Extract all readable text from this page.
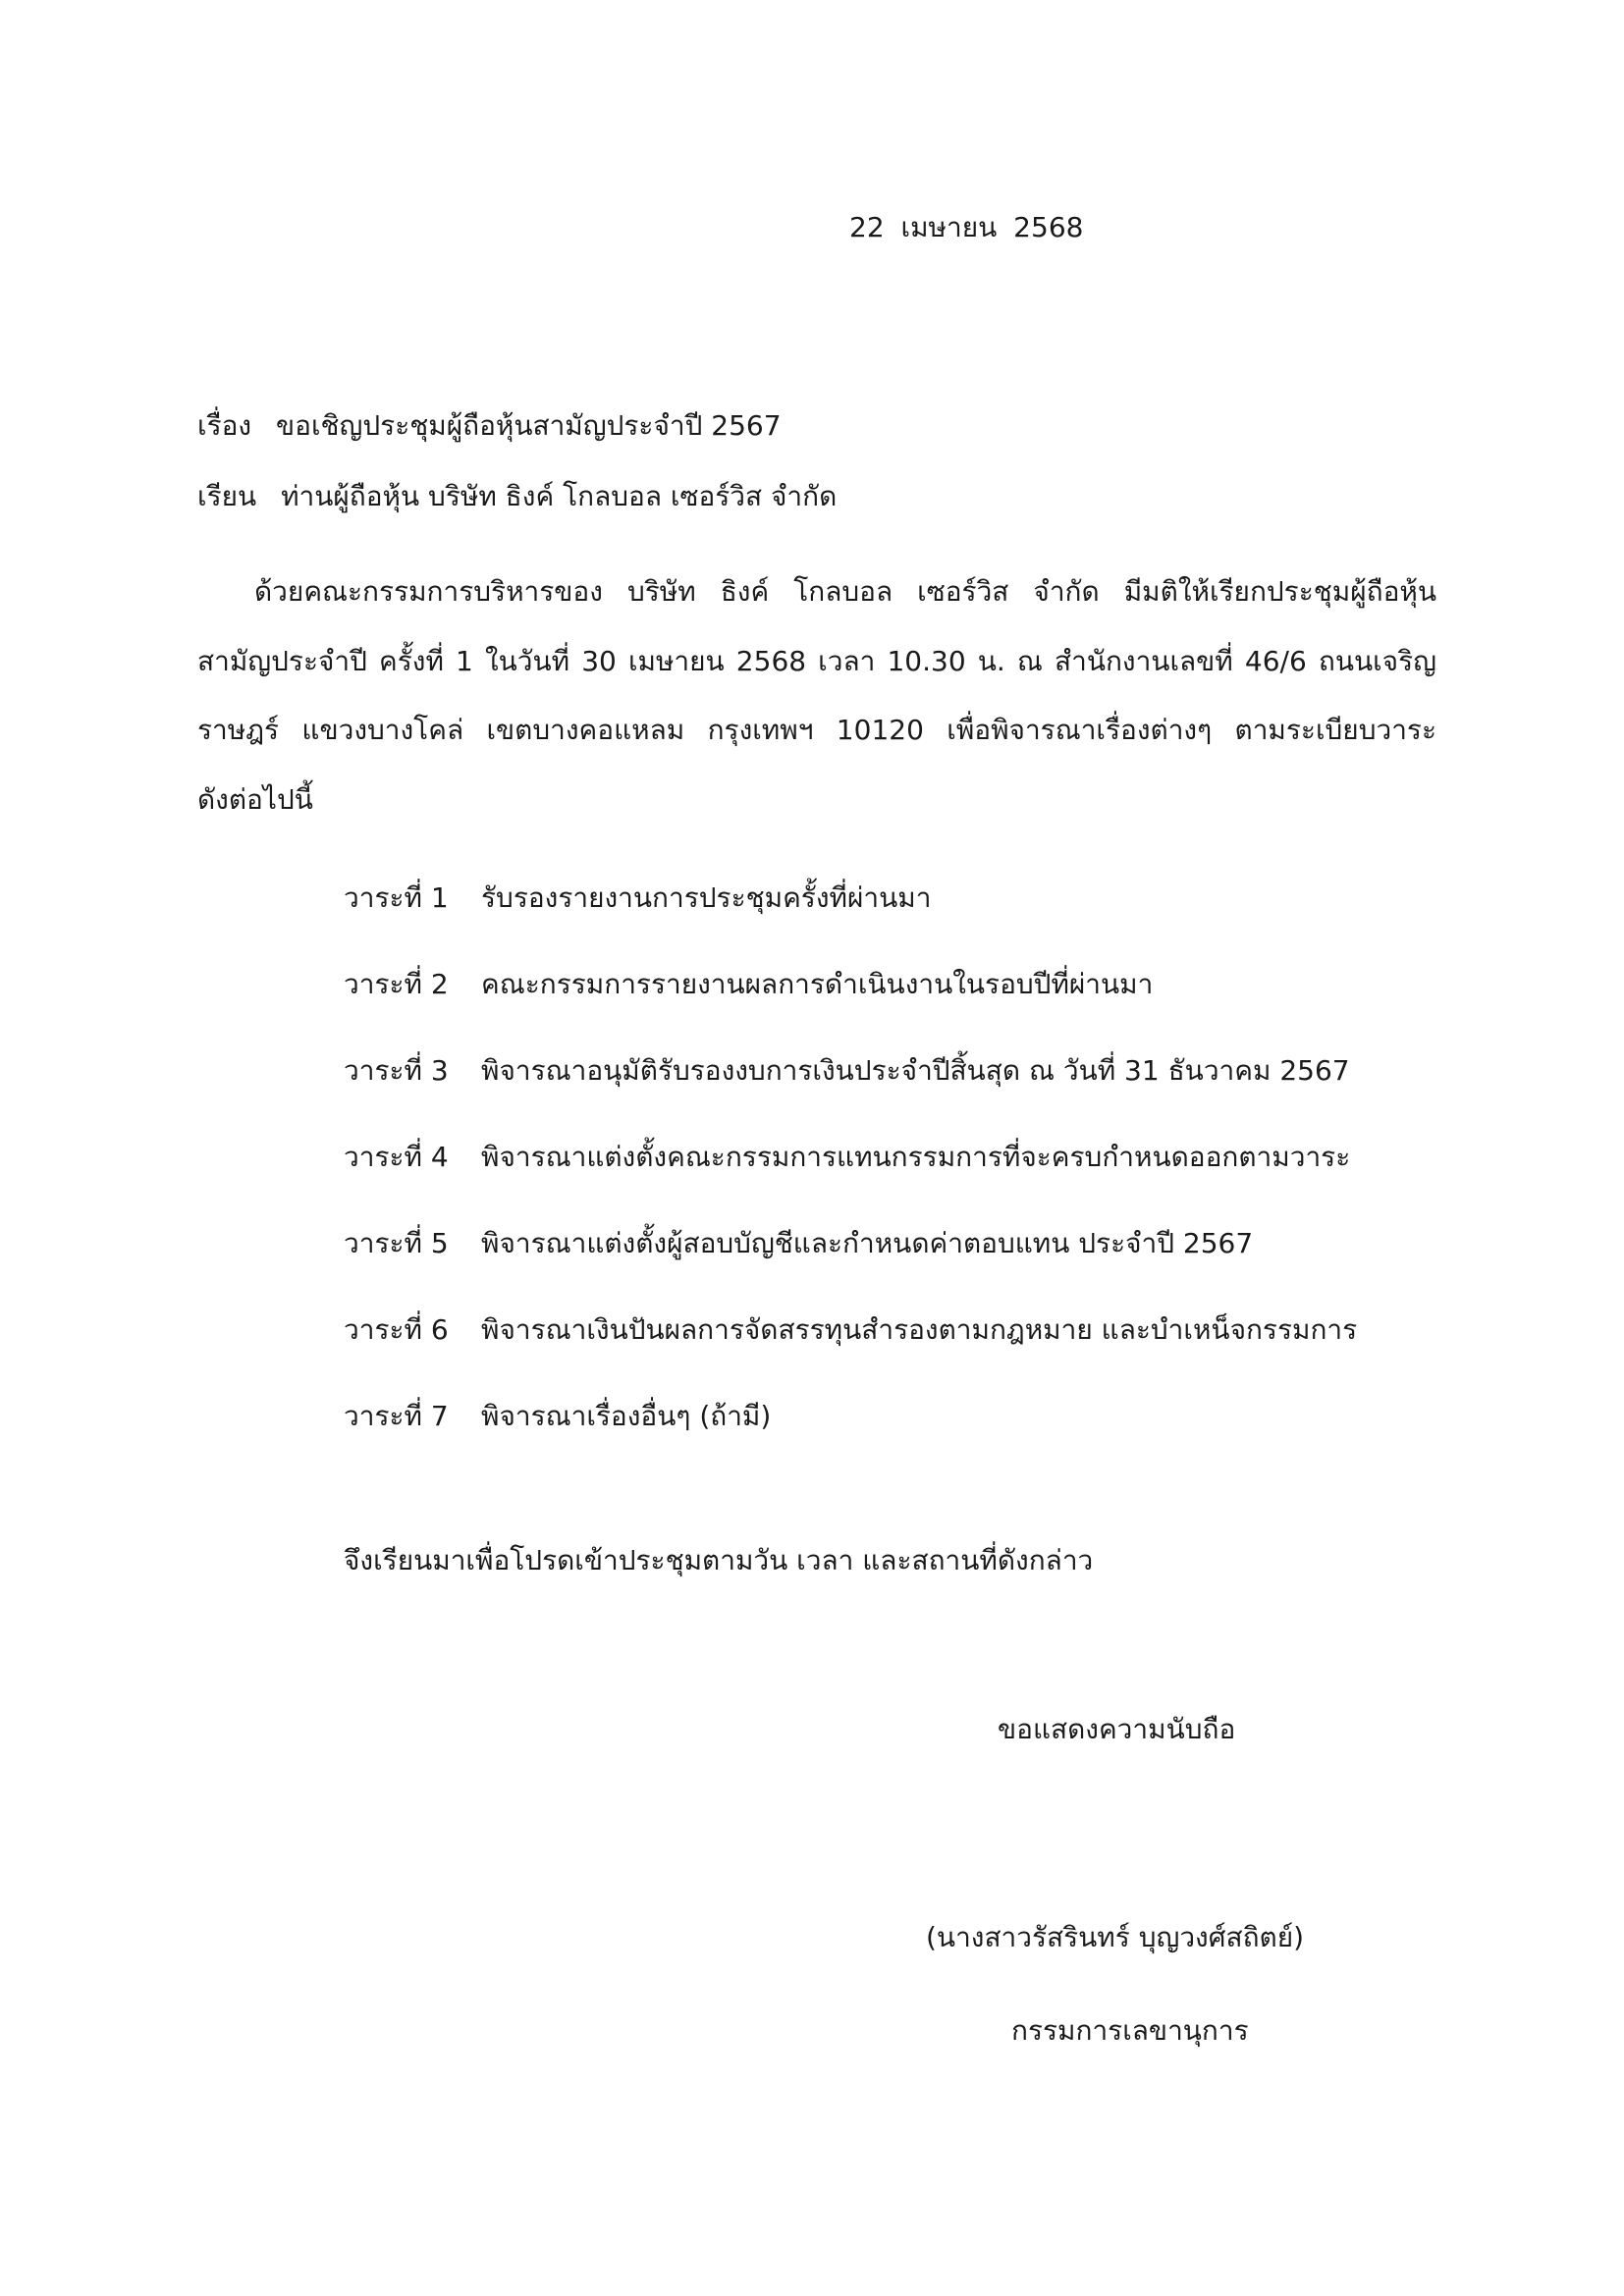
22 เมษายน 2568
เรื่อง ขอเชิญประชุมผู้ถือหุ้นสามัญประจำปี 2567
เรียน ท่านผู้ถือหุ้น บริษัท ธิงค์ โกลบอล เซอร์วิส จำกัด
ด้วยคณะกรรมการบริหารของ บริษัท ธิงค์ โกลบอล เซอร์วิส จำกัด มีมติให้เรียกประชุมผู้ถือหุ้น
สามัญประจำปี ครั้งที่ 1 ในวันที่ 30 เมษายน 2568 เวลา 10.30 น. ณ สำนักงานเลขที่ 46/6 ถนนเจริญ
ราษฎร์ แขวงบางโคล่ เขตบางคอแหลม กรุงเทพฯ 10120 เพื่อพิจารณาเรื่องต่างๆ ตามระเบียบวาระ
ดังต่อไปนี้
วาระที่ 1	รับรองรายงานการประชุมครั้งที่ผ่านมา
วาระที่ 2	คณะกรรมการรายงานผลการดำเนินงานในรอบปีที่ผ่านมา
วาระที่ 3	พิจารณาอนุมัติรับรองงบการเงินประจำปีสิ้นสุด ณ วันที่ 31 ธันวาคม 2567
วาระที่ 4	พิจารณาแต่งตั้งคณะกรรมการแทนกรรมการที่จะครบกำหนดออกตามวาระ
วาระที่ 5	พิจารณาแต่งตั้งผู้สอบบัญชีและกำหนดค่าตอบแทน ประจำปี 2567
วาระที่ 6	พิจารณาเงินปันผลการจัดสรรทุนสำรองตามกฎหมาย และบำเหน็จกรรมการ
วาระที่ 7	พิจารณาเรื่องอื่นๆ (ถ้ามี)
จึงเรียนมาเพื่อโปรดเข้าประชุมตามวัน เวลา และสถานที่ดังกล่าว
ขอแสดงความนับถือ
(นางสาวรัสรินทร์ บุญวงศ์สถิตย์)
กรรมการเลขานุการ
